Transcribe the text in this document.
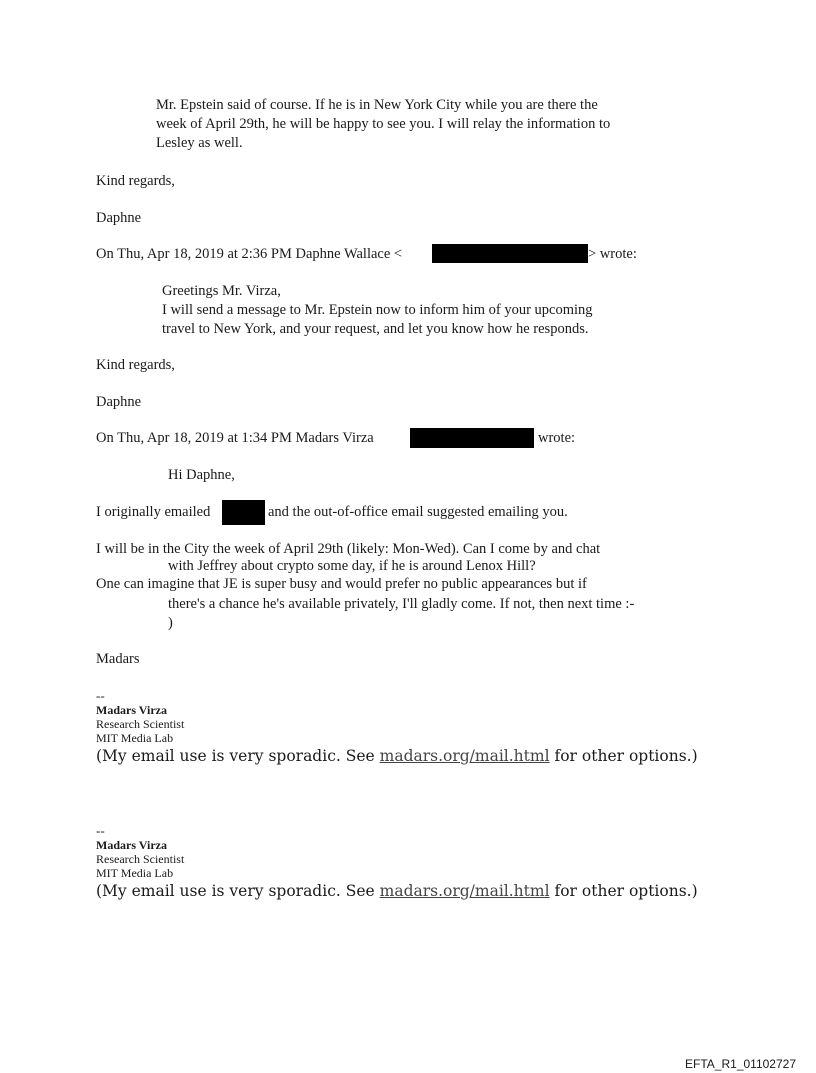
Mr. Epstein said of course. If he is in New York City while you are there the
week of April 29th, he will be happy to see you. I will relay the information to
Lesley as well.
Kind regards,
Daphne
On Thu, Apr 18, 2019 at 2:36 PM Daphne Wallace <	> wrote:
Greetings Mr. Virza,
I will send a message to Mr. Epstein now to inform him of your upcoming
travel to New York, and your request, and let you know how he responds.
Kind regards,
Daphne
On Thu, Apr 18, 2019 at 1:34 PM Madars Virza	wrote:
Hi Daphne,
I originally emailed	and the out-of-office email suggested emailing you.
I will be in the City the week of April 29th (likely: Mon-Wed). Can I come by and chat
with Jeffrey about crypto some day, if he is around Lenox Hill?
One can imagine that JE is super busy and would prefer no public appearances but if
there's a chance he's available privately, I'll gladly come. If not, then next time :-
)
Madars
--
Madars Virza
Research Scientist
MIT Media Lab
(My email use is very sporadic. See madars.org/mail.html for other options.)
--
Madars Virza
Research Scientist
MIT Media Lab
(My email use is very sporadic. See madars.org/mail.html for other options.)
EFTA_R1_01102727
